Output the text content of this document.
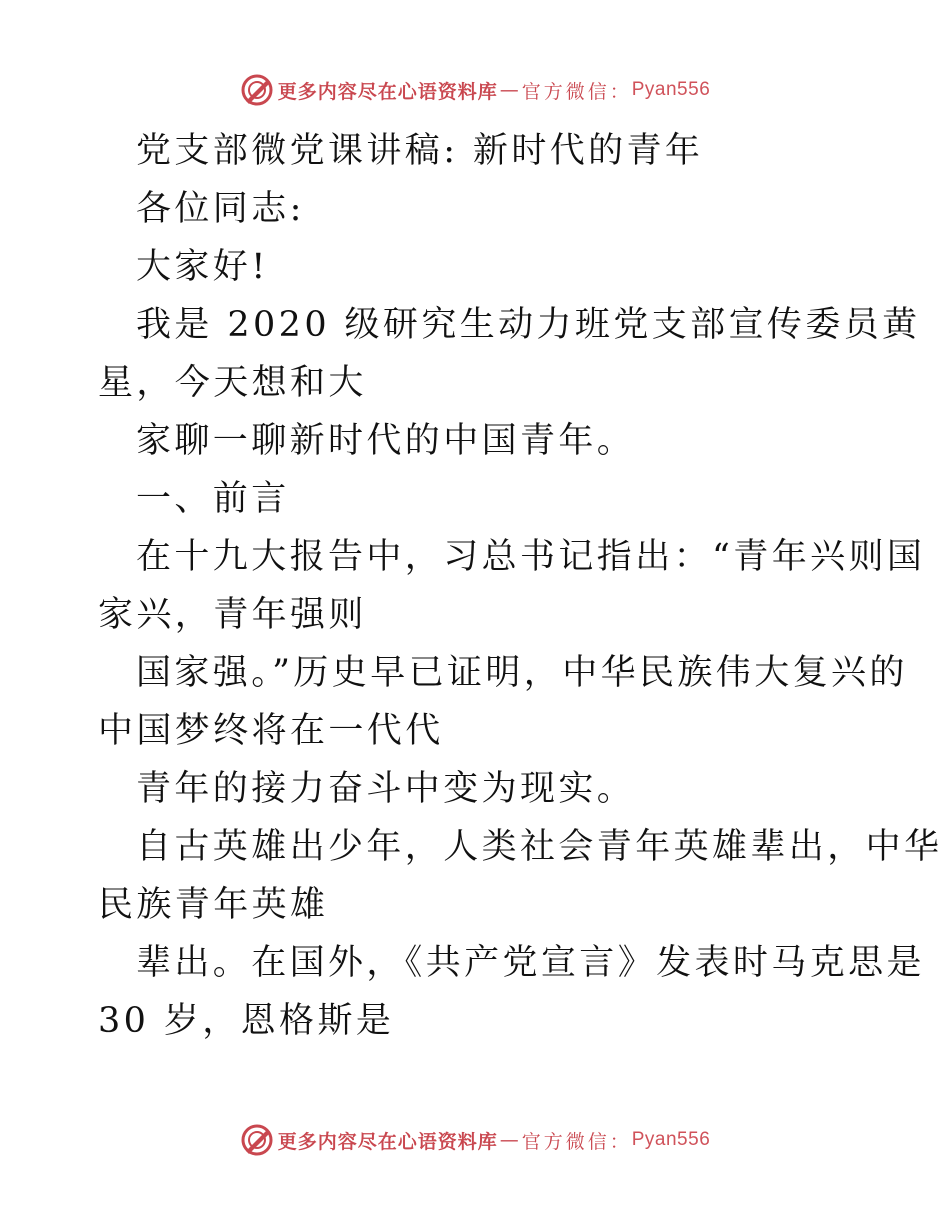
更多内容尽在心语资料库 — 官方微信： Pyan556
党支部微党课讲稿: 新时代的青年
各位同志:
大家好!
我是 2020 级研究生动力班党支部宣传委员黄
星，今天想和大
家聊一聊新时代的中国青年。
一、前言
在十九大报告中，习总书记指出：“青年兴则国
家兴，青年强则
国家强。”历史早已证明，中华民族伟大复兴的
中国梦终将在一代代
青年的接力奋斗中变为现实。
自古英雄出少年，人类社会青年英雄辈出，中华
民族青年英雄
辈出。在国外，《共产党宣言》发表时马克思是
30 岁，恩格斯是
更多内容尽在心语资料库 — 官方微信： Pyan556
